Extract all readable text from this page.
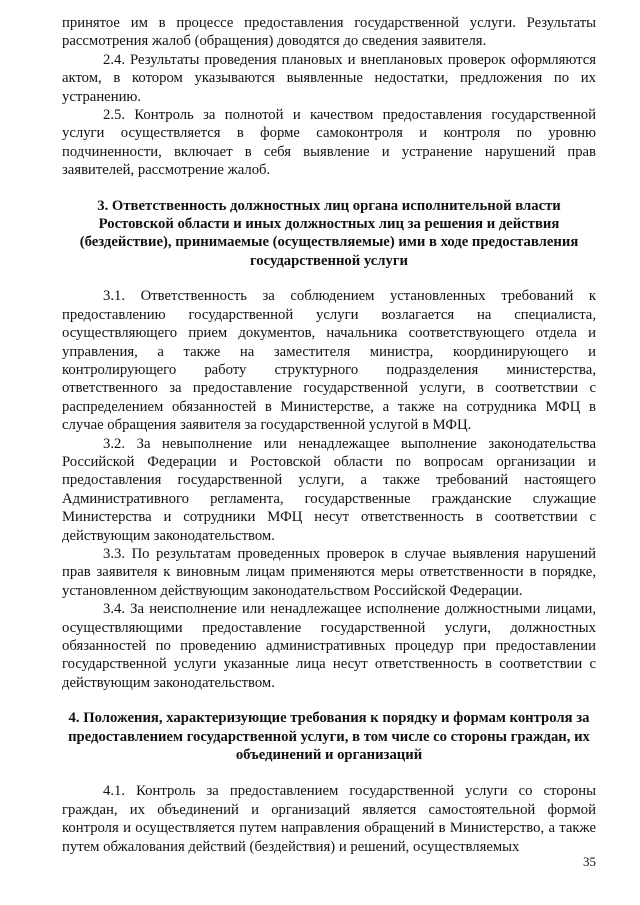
принятое им в процессе предоставления государственной услуги. Результаты рассмотрения жалоб (обращения) доводятся до сведения заявителя.

2.4. Результаты проведения плановых и внеплановых проверок оформляются актом, в котором указываются выявленные недостатки, предложения по их устранению.

2.5. Контроль за полнотой и качеством предоставления государственной услуги осуществляется в форме самоконтроля и контроля по уровню подчиненности, включает в себя выявление и устранение нарушений прав заявителей, рассмотрение жалоб.

3. Ответственность должностных лиц органа исполнительной власти Ростовской области и иных должностных лиц за решения и действия (бездействие), принимаемые (осуществляемые) ими в ходе предоставления государственной услуги

3.1. Ответственность за соблюдением установленных требований к предоставлению государственной услуги возлагается на специалиста, осуществляющего прием документов, начальника соответствующего отдела и управления, а также на заместителя министра, координирующего и контролирующего работу структурного подразделения министерства, ответственного за предоставление государственной услуги, в соответствии с распределением обязанностей в Министерстве, а также на сотрудника МФЦ в случае обращения заявителя за государственной услугой в МФЦ.

3.2. За невыполнение или ненадлежащее выполнение законодательства Российской Федерации и Ростовской области по вопросам организации и предоставления государственной услуги, а также требований настоящего Административного регламента, государственные гражданские служащие Министерства и сотрудники МФЦ несут ответственность в соответствии с действующим законодательством.

3.3. По результатам проведенных проверок в случае выявления нарушений прав заявителя к виновным лицам применяются меры ответственности в порядке, установленном действующим законодательством Российской Федерации.

3.4. За неисполнение или ненадлежащее исполнение должностными лицами, осуществляющими предоставление государственной услуги, должностных обязанностей по проведению административных процедур при предоставлении государственной услуги указанные лица несут ответственность в соответствии с действующим законодательством.

4. Положения, характеризующие требования к порядку и формам контроля за предоставлением государственной услуги, в том числе со стороны граждан, их объединений и организаций

4.1. Контроль за предоставлением государственной услуги со стороны граждан, их объединений и организаций является самостоятельной формой контроля и осуществляется путем направления обращений в Министерство, а также путем обжалования действий (бездействия) и решений, осуществляемых

35
